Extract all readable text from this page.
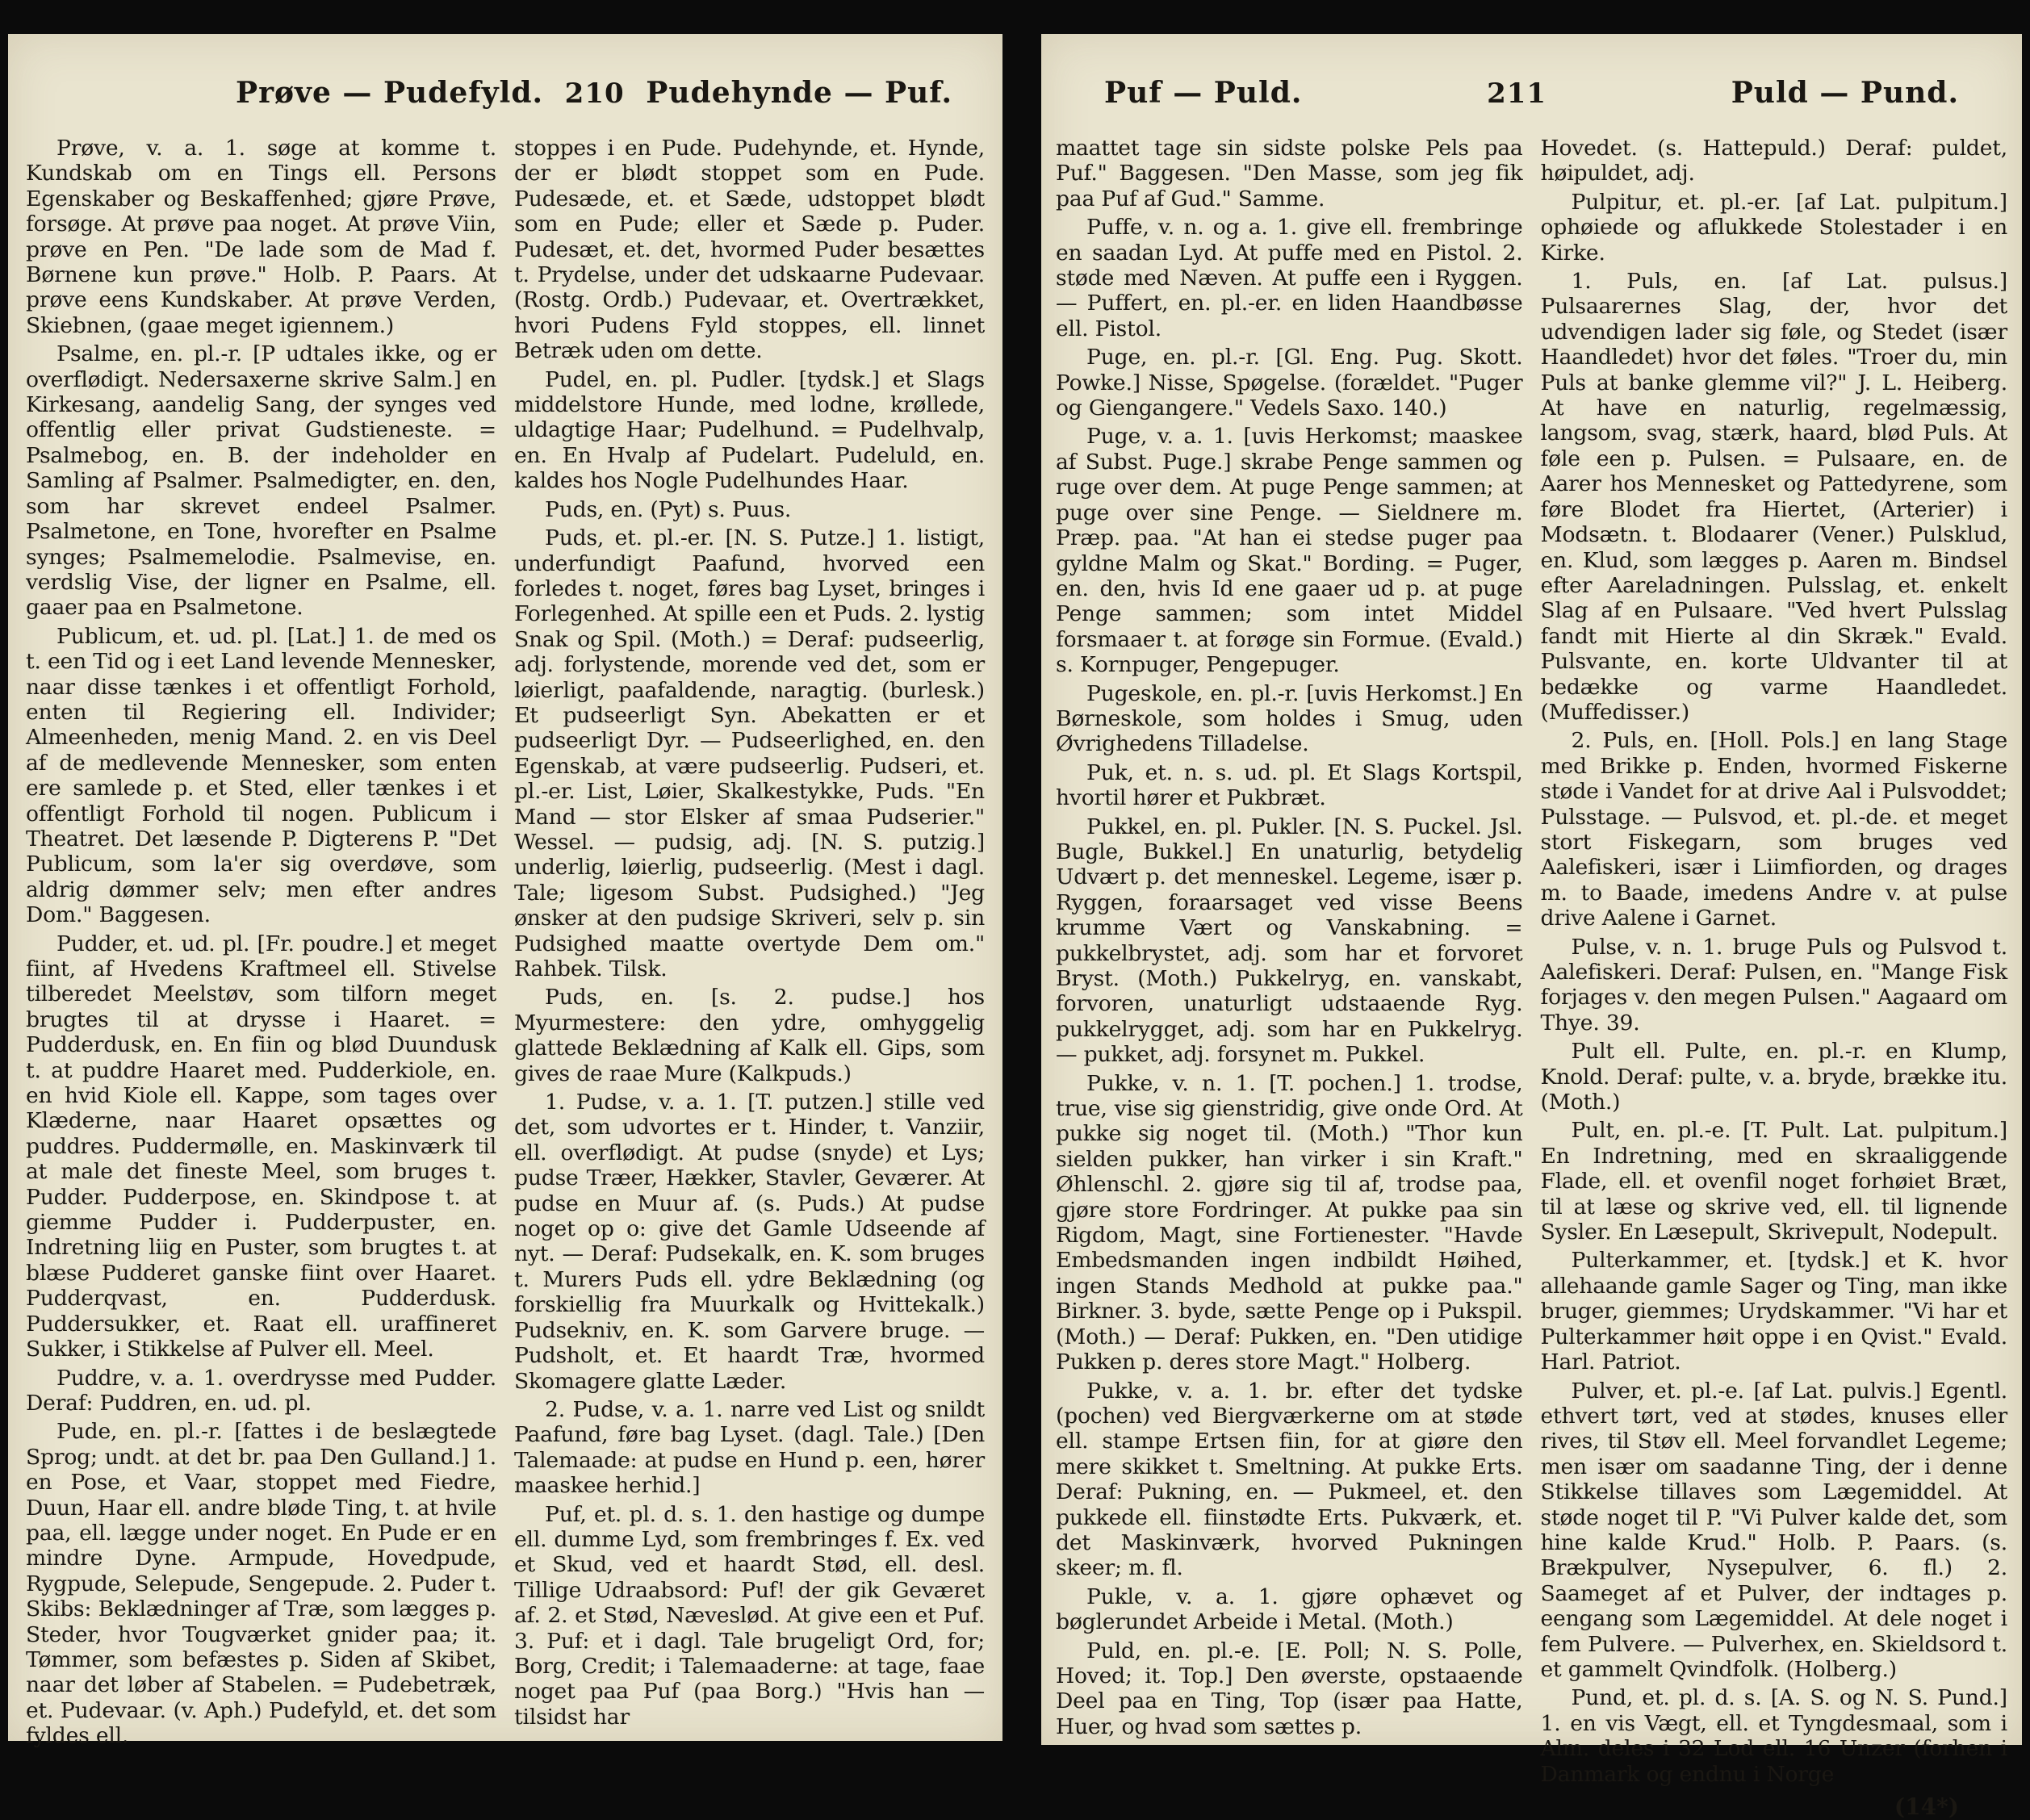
Prøve — Pudefyld. 210 Pudehynde — Puf.

Prøve, v. a. 1. søge at komme t. Kundskab om en Tings ell. Persons Egenskaber og Beskaffenhed; gjøre Prøve, forsøge. At prøve paa noget. At prøve Viin, prøve en Pen. "De lade som de Mad f. Børnene kun prøve." Holb. P. Paars. At prøve eens Kundskaber. At prøve Verden, Skiebnen, (gaae meget igiennem.)

Psalme, en. pl.-r. [P udtales ikke, og er overflødigt. Nedersaxerne skrive Salm.] en Kirkesang, aandelig Sang, der synges ved offentlig eller privat Gudstieneste. = Psalmebog, en. B. der indeholder en Samling af Psalmer. Psalmedigter, en. den, som har skrevet endeel Psalmer. Psalmetone, en Tone, hvorefter en Psalme synges; Psalmemelodie. Psalmevise, en. verdslig Vise, der ligner en Psalme, ell. gaaer paa en Psalmetone.

Publicum, et. ud. pl. [Lat.] 1. de med os t. een Tid og i eet Land levende Mennesker, naar disse tænkes i et offentligt Forhold, enten til Regiering ell. Individer; Almeenheden, menig Mand. 2. en vis Deel af de medlevende Mennesker, som enten ere samlede p. et Sted, eller tænkes i et offentligt Forhold til nogen. Publicum i Theatret. Det læsende P. Digterens P. "Det Publicum, som la'er sig overdøve, som aldrig dømmer selv; men efter andres Dom." Baggesen.

Pudder, et. ud. pl. [Fr. poudre.] et meget fiint, af Hvedens Kraftmeel ell. Stivelse tilberedet Meelstøv, som tilforn meget brugtes til at drysse i Haaret. = Pudderdusk, en. En fiin og blød Duundusk t. at puddre Haaret med. Pudderkiole, en. en hvid Kiole ell. Kappe, som tages over Klæderne, naar Haaret opsættes og puddres. Puddermølle, en. Maskinværk til at male det fineste Meel, som bruges t. Pudder. Pudderpose, en. Skindpose t. at giemme Pudder i. Pudderpuster, en. Indretning liig en Puster, som brugtes t. at blæse Pudderet ganske fiint over Haaret. Pudderqvast, en. Pudderdusk. Puddersukker, et. Raat ell. uraffineret Sukker, i Stikkelse af Pulver ell. Meel.

Puddre, v. a. 1. overdrysse med Pudder. Deraf: Puddren, en. ud. pl.

Pude, en. pl.-r. [fattes i de beslægtede Sprog; undt. at det br. paa Den Gulland.] 1. en Pose, et Vaar, stoppet med Fiedre, Duun, Haar ell. andre bløde Ting, t. at hvile paa, ell. lægge under noget. En Pude er en mindre Dyne. Armpude, Hovedpude, Rygpude, Selepude, Sengepude. 2. Puder t. Skibs: Beklædninger af Træ, som lægges p. Steder, hvor Tougværket gnider paa; it. Tømmer, som befæstes p. Siden af Skibet, naar det løber af Stabelen. = Pudebetræk, et. Pudevaar. (v. Aph.) Pudefyld, et. det som fyldes ell.

stoppes i en Pude. Pudehynde, et. Hynde, der er blødt stoppet som en Pude. Pudesæde, et. et Sæde, udstoppet blødt som en Pude; eller et Sæde p. Puder. Pudesæt, et. det, hvormed Puder besættes t. Prydelse, under det udskaarne Pudevaar. (Rostg. Ordb.) Pudevaar, et. Overtrækket, hvori Pudens Fyld stoppes, ell. linnet Betræk uden om dette.

Pudel, en. pl. Pudler. [tydsk.] et Slags middelstore Hunde, med lodne, krøllede, uldagtige Haar; Pudelhund. = Pudelhvalp, en. En Hvalp af Pudelart. Pudeluld, en. kaldes hos Nogle Pudelhundes Haar.

Puds, en. (Pyt) s. Puus.

Puds, et. pl.-er. [N. S. Putze.] 1. listigt, underfundigt Paafund, hvorved een forledes t. noget, føres bag Lyset, bringes i Forlegenhed. At spille een et Puds. 2. lystig Snak og Spil. (Moth.) = Deraf: pudseerlig, adj. forlystende, morende ved det, som er løierligt, paafaldende, naragtig. (burlesk.) Et pudseerligt Syn. Abekatten er et pudseerligt Dyr. — Pudseerlighed, en. den Egenskab, at være pudseerlig. Pudseri, et. pl.-er. List, Løier, Skalkestykke, Puds. "En Mand — stor Elsker af smaa Pudserier." Wessel. — pudsig, adj. [N. S. putzig.] underlig, løierlig, pudseerlig. (Mest i dagl. Tale; ligesom Subst. Pudsighed.) "Jeg ønsker at den pudsige Skriveri, selv p. sin Pudsighed maatte overtyde Dem om." Rahbek. Tilsk.

Puds, en. [s. 2. pudse.] hos Myurmestere: den ydre, omhyggelig glattede Beklædning af Kalk ell. Gips, som gives de raae Mure (Kalkpuds.)

1. Pudse, v. a. 1. [T. putzen.] stille ved det, som udvortes er t. Hinder, t. Vanziir, ell. overflødigt. At pudse (snyde) et Lys; pudse Træer, Hækker, Stavler, Geværer. At pudse en Muur af. (s. Puds.) At pudse noget op o: give det Gamle Udseende af nyt. — Deraf: Pudsekalk, en. K. som bruges t. Murers Puds ell. ydre Beklædning (og forskiellig fra Muurkalk og Hvittekalk.) Pudsekniv, en. K. som Garvere bruge. — Pudsholt, et. Et haardt Træ, hvormed Skomagere glatte Læder.

2. Pudse, v. a. 1. narre ved List og snildt Paafund, føre bag Lyset. (dagl. Tale.) [Den Talemaade: at pudse en Hund p. een, hører maaskee herhid.]

Puf, et. pl. d. s. 1. den hastige og dumpe ell. dumme Lyd, som frembringes f. Ex. ved et Skud, ved et haardt Stød, ell. desl. Tillige Udraabsord: Puf! der gik Geværet af. 2. et Stød, Næveslød. At give een et Puf. 3. Puf: et i dagl. Tale brugeligt Ord, for; Borg, Credit; i Talemaaderne: at tage, faae noget paa Puf (paa Borg.) "Hvis han — tilsidst har

Puf — Puld.	211	Puld — Pund.

maattet tage sin sidste polske Pels paa Puf." Baggesen. "Den Masse, som jeg fik paa Puf af Gud." Samme.

Puffe, v. n. og a. 1. give ell. frembringe en saadan Lyd. At puffe med en Pistol. 2. støde med Næven. At puffe een i Ryggen. — Puffert, en. pl.-er. en liden Haandbøsse ell. Pistol.

Puge, en. pl.-r. [Gl. Eng. Pug. Skott. Powke.] Nisse, Spøgelse. (forældet. "Puger og Giengangere." Vedels Saxo. 140.)

Puge, v. a. 1. [uvis Herkomst; maaskee af Subst. Puge.] skrabe Penge sammen og ruge over dem. At puge Penge sammen; at puge over sine Penge. — Sieldnere m. Præp. paa. "At han ei stedse puger paa gyldne Malm og Skat." Bording. = Puger, en. den, hvis Id ene gaaer ud p. at puge Penge sammen; som intet Middel forsmaaer t. at forøge sin Formue. (Evald.) s. Kornpuger, Pengepuger.

Pugeskole, en. pl.-r. [uvis Herkomst.] En Børneskole, som holdes i Smug, uden Øvrighedens Tilladelse.

Puk, et. n. s. ud. pl. Et Slags Kortspil, hvortil hører et Pukbræt.

Pukkel, en. pl. Pukler. [N. S. Puckel. Jsl. Bugle, Bukkel.] En unaturlig, betydelig Udvært p. det menneskel. Legeme, især p. Ryggen, foraarsaget ved visse Beens krumme Vært og Vanskabning. = pukkelbrystet, adj. som har et forvoret Bryst. (Moth.) Pukkelryg, en. vanskabt, forvoren, unaturligt udstaaende Ryg. pukkelrygget, adj. som har en Pukkelryg. — pukket, adj. forsynet m. Pukkel.

Pukke, v. n. 1. [T. pochen.] 1. trodse, true, vise sig gienstridig, give onde Ord. At pukke sig noget til. (Moth.) "Thor kun sielden pukker, han virker i sin Kraft." Øhlenschl. 2. gjøre sig til af, trodse paa, gjøre store Fordringer. At pukke paa sin Rigdom, Magt, sine Fortienester. "Havde Embedsmanden ingen indbildt Høihed, ingen Stands Medhold at pukke paa." Birkner. 3. byde, sætte Penge op i Pukspil. (Moth.) — Deraf: Pukken, en. "Den utidige Pukken p. deres store Magt." Holberg.

Pukke, v. a. 1. br. efter det tydske (pochen) ved Biergværkerne om at støde ell. stampe Ertsen fiin, for at giøre den mere skikket t. Smeltning. At pukke Erts. Deraf: Pukning, en. — Pukmeel, et. den pukkede ell. fiinstødte Erts. Pukværk, et. det Maskinværk, hvorved Pukningen skeer; m. fl.

Pukle, v. a. 1. gjøre ophævet og bøglerundet Arbeide i Metal. (Moth.)

Puld, en. pl.-e. [E. Poll; N. S. Polle, Hoved; it. Top.] Den øverste, opstaaende Deel paa en Ting, Top (især paa Hatte, Huer, og hvad som sættes p.

Hovedet. (s. Hattepuld.) Deraf: puldet, høipuldet, adj.

Pulpitur, et. pl.-er. [af Lat. pulpitum.] ophøiede og aflukkede Stolestader i en Kirke.

1. Puls, en. [af Lat. pulsus.] Pulsaarernes Slag, der, hvor det udvendigen lader sig føle, og Stedet (især Haandledet) hvor det føles. "Troer du, min Puls at banke glemme vil?" J. L. Heiberg. At have en naturlig, regelmæssig, langsom, svag, stærk, haard, blød Puls. At føle een p. Pulsen. = Pulsaare, en. de Aarer hos Mennesket og Pattedyrene, som føre Blodet fra Hiertet, (Arterier) i Modsætn. t. Blodaarer (Vener.) Pulsklud, en. Klud, som lægges p. Aaren m. Bindsel efter Aareladningen. Pulsslag, et. enkelt Slag af en Pulsaare. "Ved hvert Pulsslag fandt mit Hierte al din Skræk." Evald. Pulsvante, en. korte Uldvanter til at bedække og varme Haandledet. (Muffedisser.)

2. Puls, en. [Holl. Pols.] en lang Stage med Brikke p. Enden, hvormed Fiskerne støde i Vandet for at drive Aal i Pulsvoddet; Pulsstage. — Pulsvod, et. pl.-de. et meget stort Fiskegarn, som bruges ved Aalefiskeri, især i Liimfiorden, og drages m. to Baade, imedens Andre v. at pulse drive Aalene i Garnet.

Pulse, v. n. 1. bruge Puls og Pulsvod t. Aalefiskeri. Deraf: Pulsen, en. "Mange Fisk forjages v. den megen Pulsen." Aagaard om Thye. 39.

Pult ell. Pulte, en. pl.-r. en Klump, Knold. Deraf: pulte, v. a. bryde, brække itu. (Moth.)

Pult, en. pl.-e. [T. Pult. Lat. pulpitum.] En Indretning, med en skraaliggende Flade, ell. et ovenfil noget forhøiet Bræt, til at læse og skrive ved, ell. til lignende Sysler. En Læsepult, Skrivepult, Nodepult.

Pulterkammer, et. [tydsk.] et K. hvor allehaande gamle Sager og Ting, man ikke bruger, giemmes; Urydskammer. "Vi har et Pulterkammer høit oppe i en Qvist." Evald. Harl. Patriot.

Pulver, et. pl.-e. [af Lat. pulvis.] Egentl. ethvert tørt, ved at stødes, knuses eller rives, til Støv ell. Meel forvandlet Legeme; men især om saadanne Ting, der i denne Stikkelse tillaves som Lægemiddel. At støde noget til P. "Vi Pulver kalde det, som hine kalde Krud." Holb. P. Paars. (s. Brækpulver, Nysepulver, 6. fl.) 2. Saameget af et Pulver, der indtages p. eengang som Lægemiddel. At dele noget i fem Pulvere. — Pulverhex, en. Skieldsord t. et gammelt Qvindfolk. (Holberg.)

Pund, et. pl. d. s. [A. S. og N. S. Pund.] 1. en vis Vægt, ell. et Tyngdesmaal, som i Alm. deles i 32 Lod ell. 16 Unzer (forhen i Danmark og endnu i Norge

(14*)
